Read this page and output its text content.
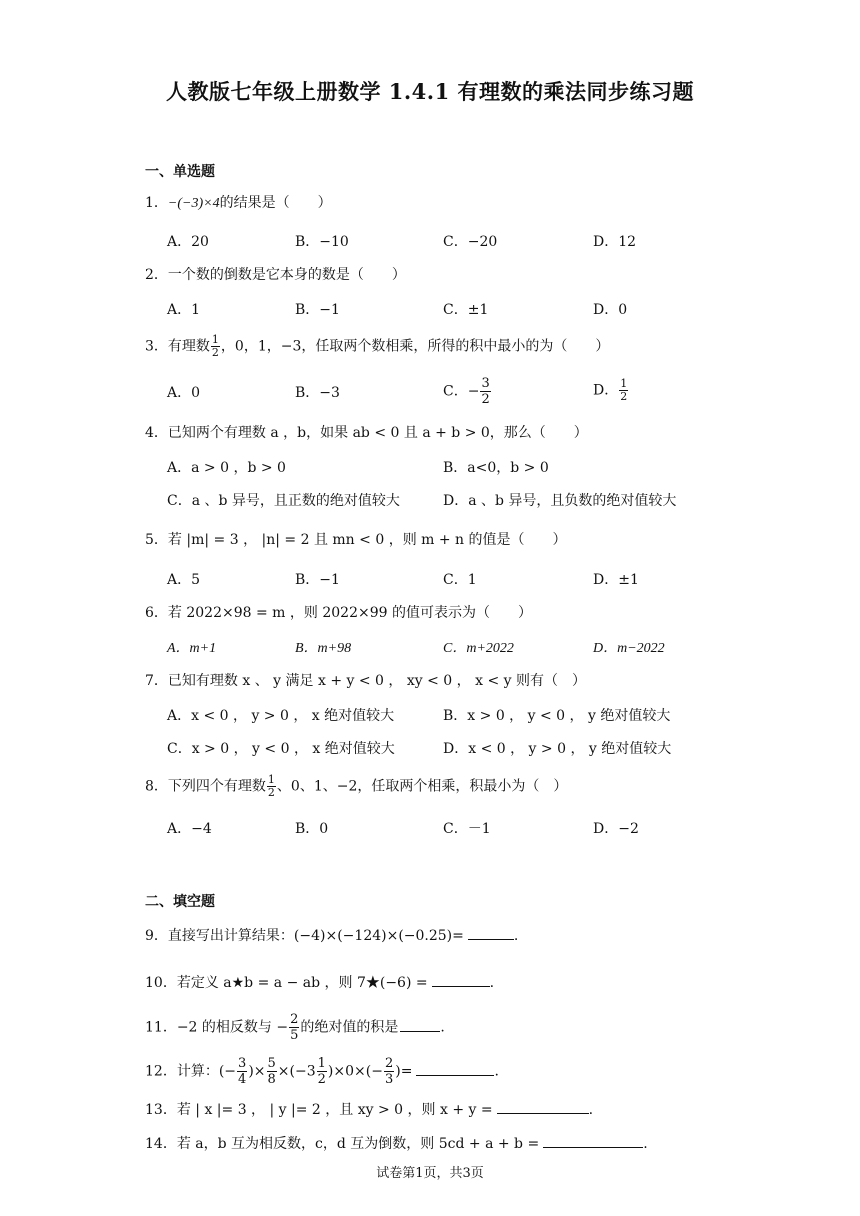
人教版七年级上册数学 1.4.1 有理数的乘法同步练习题
一、单选题
1．−(−3)×4的结果是（　　）
A．20	B．−10	C．−20	D．12
2．一个数的倒数是它本身的数是（　　）
A．1	B．−1	C．±1	D．0
3．有理数 $\frac{1}{2}$ ，0，1，−3，任取两个数相乘，所得的积中最小的为（　　）
A．0	B．−3	C．− $\frac{3}{2}$	D． $\frac{1}{2}$
4．已知两个有理数 a ，b，如果 ab < 0 且 a + b > 0，那么（　　）
A．a > 0 ，b > 0	B．a<0，b > 0
C．a 、b 异号，且正数的绝对值较大	D．a 、b 异号，且负数的绝对值较大
5．若 |m| = 3 ， |n| = 2 且 mn < 0 ，则 m + n 的值是（　　）
A．5	B．−1	C．1	D．±1
6．若 2022×98 = m ，则 2022×99 的值可表示为（　　）
A．m+1	B．m+98	C．m+2022	D．m−2022
7．已知有理数 x 、 y 满足 x + y < 0 ， xy < 0 ， x < y 则有（　）
A．x < 0 ， y > 0 ， x 绝对值较大	B．x > 0 ， y < 0 ， y 绝对值较大
C．x > 0 ， y < 0 ， x 绝对值较大	D．x < 0 ， y > 0 ， y 绝对值较大
8．下列四个有理数 $\frac{1}{2}$ 、0、1、−2，任取两个相乘，积最小为（　）
A．−4	B．0	C．－1	D．−2
二、填空题
9．直接写出计算结果：(−4)×(−124)×(−0.25)=	.
10．若定义 a★b = a − ab ，则 7★(−6) =	.
11．−2 的相反数与 − $\frac{2}{5}$ 的绝对值的积是	.
12．计算：(− $\frac{3}{4}$ )× $\frac{5}{8} \times(-3 \frac{1}{2} )\times 0\times(- \frac{2}{3}$ )=	.
13．若 | x |= 3 ， | y |= 2 ，且 xy > 0 ，则 x + y =	.
14．若 a，b 互为相反数，c，d 互为倒数，则 5cd + a + b =	.
试卷第1页，共3页
